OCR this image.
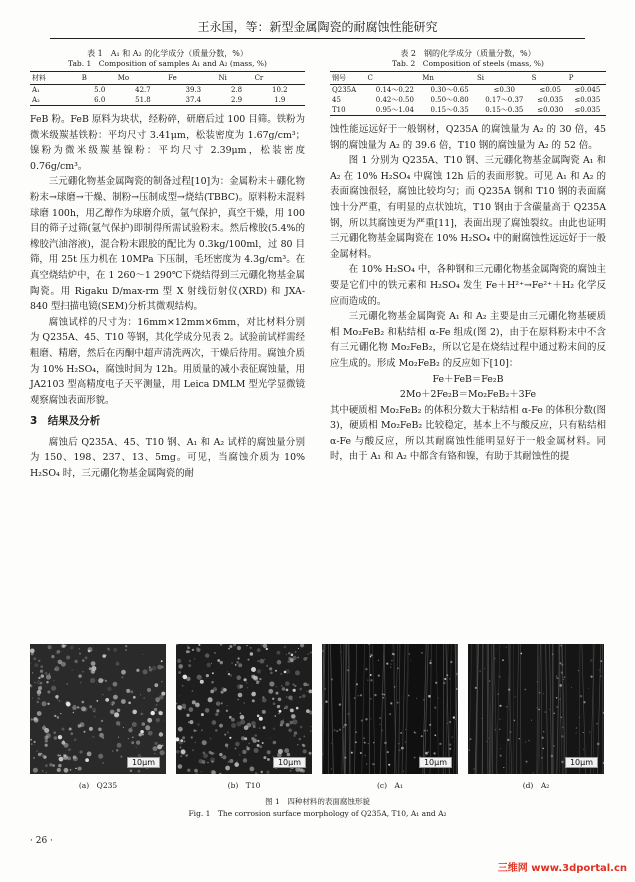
王永国，等：新型金属陶瓷的耐腐蚀性能研究
表 1　A₁ 和 A₂ 的化学成分（质量分数，%）
Tab. 1　Composition of samples A₁ and A₂ (mass, %)
材料	B	Mo	Fe	Ni	Cr
A₁	5.0	42.7	39.3	2.8	10.2
A₂	6.0	51.8	37.4	2.9	1.9

FeB 粉。FeB 原料为块状，经粉碎，研磨后过 100 目筛。铁粉为微米级羰基铁粉：平均尺寸 3.41μm，松装密度为 1.67g/cm³；镍粉为微米级羰基镍粉：平均尺寸 2.39μm，松装密度 0.76g/cm³。

三元硼化物基金属陶瓷的制备过程[10]为：金属粉末＋硼化物粉末→球磨→干燥、制粉→压制成型→烧结(TBBC)。原料粉末混料球磨 100h，用乙醇作为球磨介质，氩气保护，真空干燥，用 100 目的筛子过筛(氩气保护)即制得所需试验粉末。然后橡胶(5.4%的橡胶汽油溶液)，混合粉末跟胶的配比为 0.3kg/100ml，过 80 目筛，用 25t 压力机在 10MPa 下压制，毛坯密度为 4.3g/cm³。在真空烧结炉中，在 1 260～1 290℃下烧结得到三元硼化物基金属陶瓷。用 Rigaku D/max-rm 型 X 射线衍射仪(XRD) 和 JXA-840 型扫描电镜(SEM)分析其微观结构。

腐蚀试样的尺寸为：16mm×12mm×6mm，对比材料分别为 Q235A、45、T10 等钢，其化学成分见表 2。试验前试样需经粗磨、精磨，然后在丙酮中超声清洗两次，干燥后待用。腐蚀介质为 10% H₂SO₄，腐蚀时间为 12h。用质量的减小表征腐蚀量，用 JA2103 型高精度电子天平测量，用 Leica DMLM 型光学显微镜观察腐蚀表面形貌。

3　结果及分析

腐蚀后 Q235A、45、T10 钢、A₁ 和 A₂ 试样的腐蚀量分别为 150、198、237、13、5mg。可见，当腐蚀介质为 10% H₂SO₄ 时，三元硼化物基金属陶瓷的耐

表 2　钢的化学成分（质量分数，%）
Tab. 2　Composition of steels (mass, %)
钢号	C	Mn	Si	S	P
Q235A	0.14～0.22	0.30～0.65	≤0.30	≤0.05	≤0.045
45	0.42～0.50	0.50～0.80	0.17～0.37	≤0.035	≤0.035
T10	0.95～1.04	0.15～0.35	0.15～0.35	≤0.030	≤0.035

蚀性能远远好于一般钢材，Q235A 的腐蚀量为 A₂ 的 30 倍，45 钢的腐蚀量为 A₂ 的 39.6 倍，T10 钢的腐蚀量为 A₂ 的 52 倍。

图 1 分别为 Q235A、T10 钢、三元硼化物基金属陶瓷 A₁ 和 A₂ 在 10% H₂SO₄ 中腐蚀 12h 后的表面形貌。可见 A₁ 和 A₂ 的表面腐蚀很轻，腐蚀比较均匀；而 Q235A 钢和 T10 钢的表面腐蚀十分严重，有明显的点状蚀坑，T10 钢由于含碳量高于 Q235A 钢，所以其腐蚀更为严重[11]，表面出现了腐蚀裂纹。由此也证明三元硼化物基金属陶瓷在 10% H₂SO₄ 中的耐腐蚀性远远好于一般金属材料。

在 10% H₂SO₄ 中，各种钢和三元硼化物基金属陶瓷的腐蚀主要是它们中的铁元素和 H₂SO₄ 发生 Fe＋H²⁺→Fe²⁺＋H₂ 化学反应而造成的。

三元硼化物基金属陶瓷 A₁ 和 A₂ 主要是由三元硼化物基硬质相 Mo₂FeB₂ 和粘结相 α-Fe 组成(图 2)，由于在原料粉末中不含有三元硼化物 Mo₂FeB₂，所以它是在烧结过程中通过粉末间的反应生成的。形成 Mo₂FeB₂ 的反应如下[10]：

Fe＋FeB＝Fe₂B

2Mo＋2Fe₂B＝Mo₂FeB₂＋3Fe

其中硬质相 Mo₂FeB₂ 的体积分数大于粘结相 α-Fe 的体积分数(图 3)，硬质相 Mo₂FeB₂ 比较稳定，基本上不与酸反应，只有粘结相 α-Fe 与酸反应，所以其耐腐蚀性能明显好于一般金属材料。同时，由于 A₁ 和 A₂ 中都含有铬和镍，有助于其耐蚀性的提

10μm	10μm	10μm	10μm
(a)　Q235	(b)　T10	(c)　A₁	(d)　A₂
图 1　四种材料的表面腐蚀形貌
Fig. 1　The corrosion surface morphology of Q235A, T10, A₁ and A₂
· 26 ·
三维网 www.3dportal.cn
